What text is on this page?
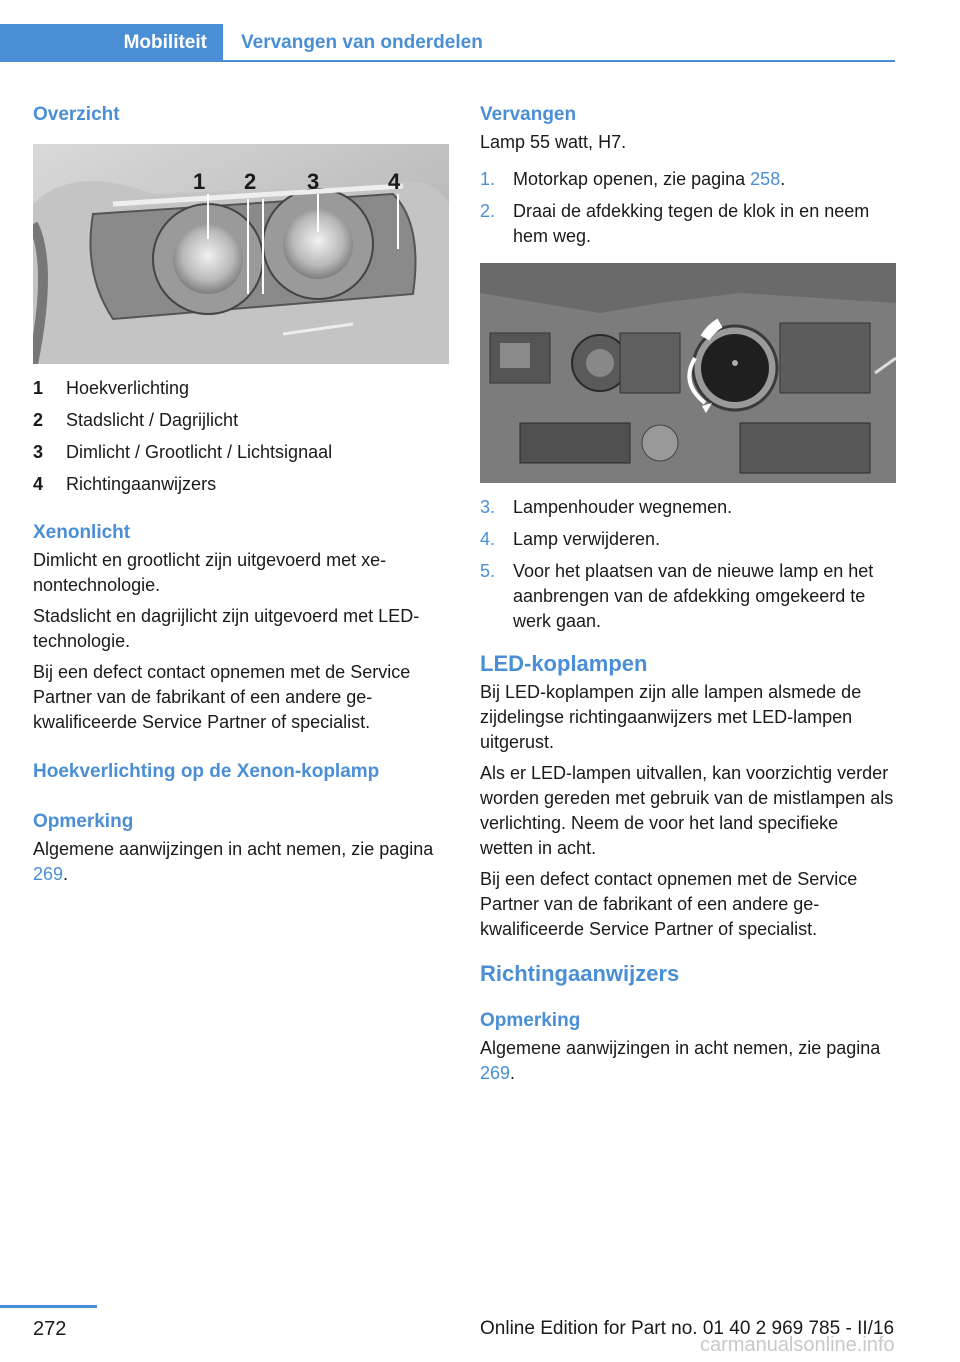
Mobiliteit Vervangen van onderdelen
Overzicht
1 2 3	4
1	Hoekverlichting
2	Stadslicht / Dagrijlicht
3	Dimlicht / Grootlicht / Lichtsignaal
4	Richtingaanwijzers
Xenonlicht

Dimlicht en grootlicht zijn uitgevoerd met xenontechnologie.

Stadslicht en dagrijlicht zijn uitgevoerd met LED-technologie.

Bij een defect contact opnemen met de Service Partner van de fabrikant of een andere gekwalificeerde Service Partner of specialist.

Hoekverlichting op de Xenon-koplamp
Opmerking

Algemene aanwijzingen in acht nemen, zie pagina 269.

Vervangen

Lamp 55 watt, H7.

1. Motorkap openen, zie pagina 258.
2. Draai de afdekking tegen de klok in en neem hem weg.
3. Lampenhouder wegnemen.
4. Lamp verwijderen.
5. Voor het plaatsen van de nieuwe lamp en het aanbrengen van de afdekking omgekeerd te werk gaan.
LED-koplampen

Bij LED-koplampen zijn alle lampen alsmede de zijdelingse richtingaanwijzers met LED-lampen uitgerust.

Als er LED-lampen uitvallen, kan voorzichtig verder worden gereden met gebruik van de mistlampen als verlichting. Neem de voor het land specifieke wetten in acht.

Bij een defect contact opnemen met de Service Partner van de fabrikant of een andere gekwalificeerde Service Partner of specialist.

Richtingaanwijzers
Opmerking

Algemene aanwijzingen in acht nemen, zie pagina 269.

272	Online Edition for Part no. 01 40 2 969 785 - II/16
carmanualsonline.info
